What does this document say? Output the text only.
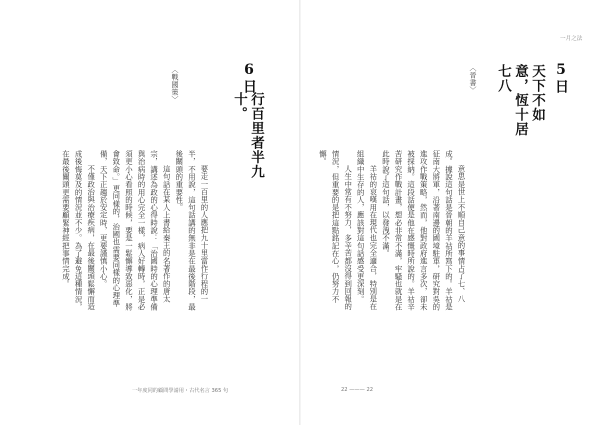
一月之法
5日
天下不如意，恆十居七八
〈晉書〉

意思是世上不順自己意的事情占了七、八成。據說這句話是晉朝的羊祜所寫下的。羊祜是征南大將軍，沿著南邊的國境駐軍，研究對吳的進攻作戰策略，然而，他對政府進言多次，卻未被採納。這段話便是他在感慨時所說的。羊祜辛苦研究作戰計畫，想必非常不滿，牢騷也就是在此時說了這句話，以發洩不滿。

羊祜的哀嘆用在現代也完全適合，特別是在組織中生存的人，應該對這句話感受更深刻。

人生中常有不努力，多辛苦都沒得到回報的情況，但重要的是把這點銘記在心，仍努力不懈。

6日
行百里者半九十。
〈戰國策〉

要走一百里的人應把九十里當作行程的一半，不用說，這句話講的無非是在最後階段，最後關頭的重要性。

這句話在某人上書給秦王的名著作的唐太宗，講述為政的心得時說：「治國時的心理準備與治病時的用心完全一樣，病人好轉時，正是必須更小心看照的時候，要是一鬆懈導致惡化，將會致命。」更同樣的，治國也需要同樣的心理準備，天下正趨於安定時，更要謹慎小心。

不僅政治與治療疾病，在最後關頭鬆懈而造成後悔莫及的情況並不少。為了避免這種情況，在最後關頭更需要顧緊神經把事情完成。

一年度同的顧問學請用・古代名言 365 句	22 ——— 22
